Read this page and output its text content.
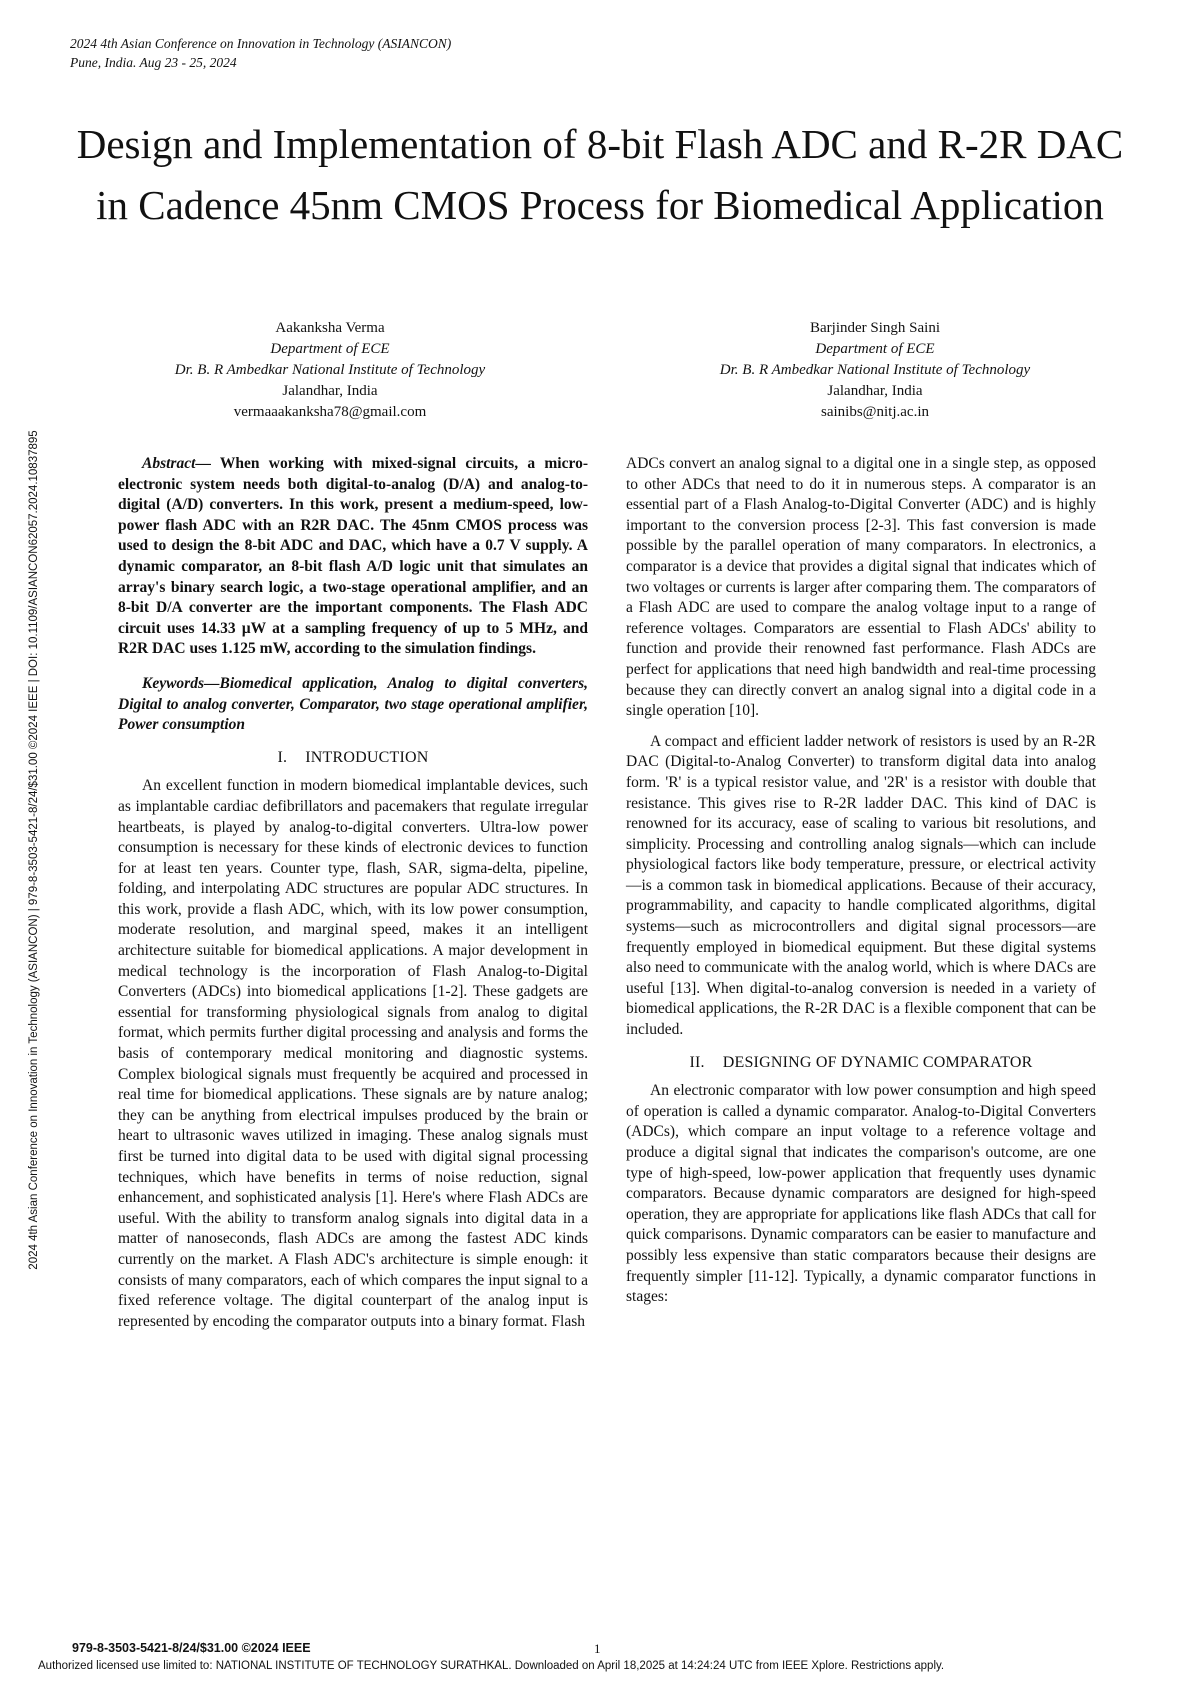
2024 4th Asian Conference on Innovation in Technology (ASIANCON)
Pune, India. Aug 23 - 25, 2024
Design and Implementation of 8-bit Flash ADC and R-2R DAC in Cadence 45nm CMOS Process for Biomedical Application
2024 4th Asian Conference on Innovation in Technology (ASIANCON) | 979-8-3503-5421-8/24/$31.00 ©2024 IEEE | DOI: 10.1109/ASIANCON62057.2024.10837895
Aakanksha Verma
Department of ECE
Dr. B. R Ambedkar National Institute of Technology
Jalandhar, India
vermaaakanksha78@gmail.com
Barjinder Singh Saini
Department of ECE
Dr. B. R Ambedkar National Institute of Technology
Jalandhar, India
sainibs@nitj.ac.in

Abstract— When working with mixed-signal circuits, a micro-electronic system needs both digital-to-analog (D/A) and analog-to-digital (A/D) converters. In this work, present a medium-speed, low-power flash ADC with an R2R DAC. The 45nm CMOS process was used to design the 8-bit ADC and DAC, which have a 0.7 V supply. A dynamic comparator, an 8-bit flash A/D logic unit that simulates an array's binary search logic, a two-stage operational amplifier, and an 8-bit D/A converter are the important components. The Flash ADC circuit uses 14.33 µW at a sampling frequency of up to 5 MHz, and R2R DAC uses 1.125 mW, according to the simulation findings.

Keywords—Biomedical application, Analog to digital converters, Digital to analog converter, Comparator, two stage operational amplifier, Power consumption

I. INTRODUCTION

An excellent function in modern biomedical implantable devices, such as implantable cardiac defibrillators and pacemakers that regulate irregular heartbeats, is played by analog-to-digital converters. Ultra-low power consumption is necessary for these kinds of electronic devices to function for at least ten years. Counter type, flash, SAR, sigma-delta, pipeline, folding, and interpolating ADC structures are popular ADC structures. In this work, provide a flash ADC, which, with its low power consumption, moderate resolution, and marginal speed, makes it an intelligent architecture suitable for biomedical applications. A major development in medical technology is the incorporation of Flash Analog-to-Digital Converters (ADCs) into biomedical applications [1-2]. These gadgets are essential for transforming physiological signals from analog to digital format, which permits further digital processing and analysis and forms the basis of contemporary medical monitoring and diagnostic systems. Complex biological signals must frequently be acquired and processed in real time for biomedical applications. These signals are by nature analog; they can be anything from electrical impulses produced by the brain or heart to ultrasonic waves utilized in imaging. These analog signals must first be turned into digital data to be used with digital signal processing techniques, which have benefits in terms of noise reduction, signal enhancement, and sophisticated analysis [1]. Here's where Flash ADCs are useful. With the ability to transform analog signals into digital data in a matter of nanoseconds, flash ADCs are among the fastest ADC kinds currently on the market. A Flash ADC's architecture is simple enough: it consists of many comparators, each of which compares the input signal to a fixed reference voltage. The digital counterpart of the analog input is represented by encoding the comparator outputs into a binary format. Flash

ADCs convert an analog signal to a digital one in a single step, as opposed to other ADCs that need to do it in numerous steps. A comparator is an essential part of a Flash Analog-to-Digital Converter (ADC) and is highly important to the conversion process [2-3]. This fast conversion is made possible by the parallel operation of many comparators. In electronics, a comparator is a device that provides a digital signal that indicates which of two voltages or currents is larger after comparing them. The comparators of a Flash ADC are used to compare the analog voltage input to a range of reference voltages. Comparators are essential to Flash ADCs' ability to function and provide their renowned fast performance. Flash ADCs are perfect for applications that need high bandwidth and real-time processing because they can directly convert an analog signal into a digital code in a single operation [10].

A compact and efficient ladder network of resistors is used by an R-2R DAC (Digital-to-Analog Converter) to transform digital data into analog form. 'R' is a typical resistor value, and '2R' is a resistor with double that resistance. This gives rise to R-2R ladder DAC. This kind of DAC is renowned for its accuracy, ease of scaling to various bit resolutions, and simplicity. Processing and controlling analog signals—which can include physiological factors like body temperature, pressure, or electrical activity—is a common task in biomedical applications. Because of their accuracy, programmability, and capacity to handle complicated algorithms, digital systems—such as microcontrollers and digital signal processors—are frequently employed in biomedical equipment. But these digital systems also need to communicate with the analog world, which is where DACs are useful [13]. When digital-to-analog conversion is needed in a variety of biomedical applications, the R-2R DAC is a flexible component that can be included.

II. DESIGNING OF DYNAMIC COMPARATOR

An electronic comparator with low power consumption and high speed of operation is called a dynamic comparator. Analog-to-Digital Converters (ADCs), which compare an input voltage to a reference voltage and produce a digital signal that indicates the comparison's outcome, are one type of high-speed, low-power application that frequently uses dynamic comparators. Because dynamic comparators are designed for high-speed operation, they are appropriate for applications like flash ADCs that call for quick comparisons. Dynamic comparators can be easier to manufacture and possibly less expensive than static comparators because their designs are frequently simpler [11-12]. Typically, a dynamic comparator functions in stages:

979-8-3503-5421-8/24/$31.00 ©2024 IEEE	1
Authorized licensed use limited to: NATIONAL INSTITUTE OF TECHNOLOGY SURATHKAL. Downloaded on April 18,2025 at 14:24:24 UTC from IEEE Xplore. Restrictions apply.
